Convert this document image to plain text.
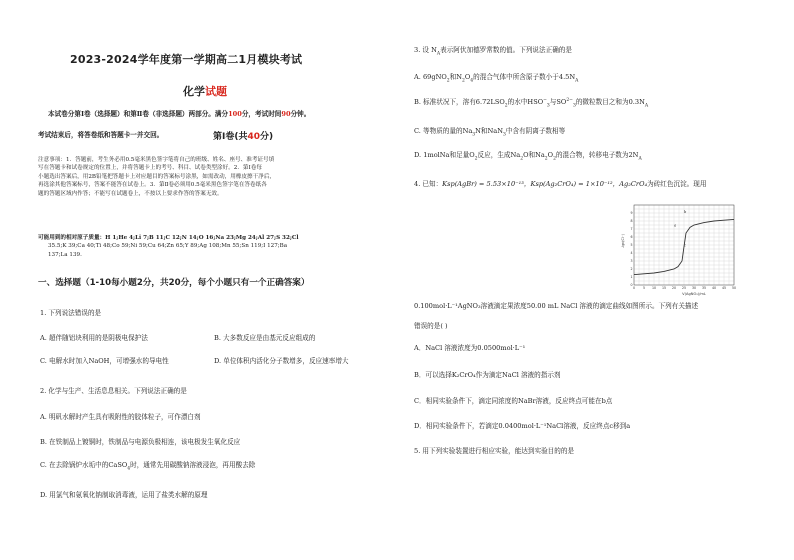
2023-2024学年度第一学期高二1月模块考试
化学试题
本试卷分第Ⅰ卷（选择题）和第Ⅱ卷（非选择题）两部分。满分100分，考试时间90分钟。
考试结束后，将答卷纸和答题卡一并交回。	第Ⅰ卷(共40分)
注意事项：1．答题前，考生务必用0.5毫米黑色签字笔将自己的班级、姓名、座号、准考证号填
写在答题卡和试卷规定的位置上，并将答题卡上的考号、科目、试卷类型涂好。2．第Ⅰ卷每
小题选出答案后，用2B铅笔把答题卡上对应题目的答案标号涂黑，如需改动，用橡皮擦干净后，
再选涂其他答案标号，答案不能答在试卷上。3．第Ⅱ卷必须用0.5毫米黑色签字笔在答卷纸各
题的答题区域内作答；不能写在试题卷上，不按以上要求作答的答案无效。
可能用到的相对原子质量：H 1;He 4;Li 7;B 11;C 12;N 14;O 16;Na 23;Mg 24;Al 27;S 32;Cl
35.5;K 39;Ca 40;Ti 48;Co 59;Ni 59;Cu 64;Zn 65;Y 89;Ag 108;Mn 55;Sn 119;I 127;Ba
137;La 139.
一、选择题（1-10每小题2分，共20分，每个小题只有一个正确答案）
1. 下列说法错误的是
A. 超伴随铝块利用的是阴极电保护法	B. 大多数反应是由基元反应组成的
C. 电解水时加入NaOH，可增强水的导电性	D. 单位体积内活化分子数增多，反应速率增大
2. 化学与生产、生活息息相关。下列说法正确的是
A. 明矾水解时产生具有吸附性的胶体粒子，可作漂白剂
B. 在铁制品上镀铜时，铁制品与电源负极相连，该电极发生氧化反应
C. 在去除锅炉水垢中的CaSO$_4$时，通常先用碳酸钠溶液浸泡，再用酸去除
D. 用氯气和氨氧化钠制取消毒液，运用了盐类水解的原理
3. 设 $N_A$表示阿伏加德罗常数的值。下列说法正确的是
A. 69gNO$_2$和$N_2O_4$的混合气体中所含原子数小于$4.5N_A$
B. 标准状况下，溶有$6.72LSO_2$的水中$HSO^-_3$与$SO^{2-}_3$的微粒数目之和为$0.3N_A$
C. 等物质的量的$Na_3N$和NaN$_3$中含有阴离子数相等
D. 1molNa和足量$O_2$反应，生成$Na_2O$和$Na_2O_2$的混合物，转移电子数为$2N_A$
4. 已知：Ksp(AgBr) = 5.53×10⁻¹³，Ksp(Ag₂CrO₄) = 1×10⁻¹²，Ag₂CrO₄为砖红色沉淀。现用
0 5 10 15 20 25 30 35 40 45 50
0
1
2
3
4
5
6
7
8
9
a
b
c
-lgc(Cl⁻)
V(AgNO₃)/mL
0.100mol·L⁻¹AgNO₃溶液滴定果浓度50.00 mL NaCl 溶液的滴定曲线如图所示。下列有关描述
错误的是( )
A．NaCl 溶液浓度为0.0500mol·L⁻¹
B．可以选择K₂CrO₄作为滴定NaCl 溶液的指示剂
C．相同实验条件下，滴定同浓度的NaBr溶液，反应终点可能在b点
D．相同实验条件下，若滴定0.0400mol·L⁻¹NaCl溶液，反应终点c移到a
5. 用下列实验装置进行相应实验，能达到实验目的的是
